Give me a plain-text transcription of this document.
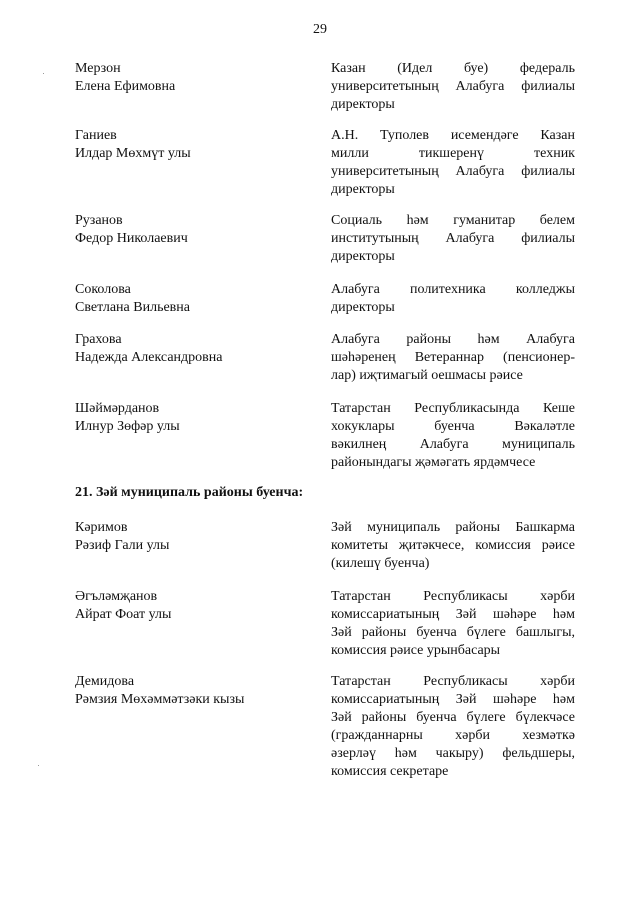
29
Мерзон
Елена Ефимовна
Казан (Идел буе) федераль
университетының Алабуга филиалы
директоры
Ганиев
Илдар Мөхмүт улы
А.Н. Туполев исемендәге Казан
милли тикшеренү техник
университетының Алабуга филиалы
директоры
Рузанов
Федор Николаевич
Социаль һәм гуманитар белем
институтының Алабуга филиалы
директоры
Соколова
Светлана Вильевна
Алабуга политехника колледжы
директоры
Грахова
Надежда Александровна
Алабуга районы һәм Алабуга
шәһәренең Ветераннар (пенсионер-
лар) иҗтимагый оешмасы рәисе
Шәймәрданов
Илнур Зөфәр улы
Татарстан Республикасында Кеше
хокуклары буенча Вәкаләтле
вәкилнең Алабуга муниципаль
районындагы җәмәгать ярдәмчесе
21. Зәй муниципаль районы буенча:
Кәримов
Рәзиф Гали улы
Зәй муниципаль районы Башкарма
комитеты җитәкчесе, комиссия рәисе
(килешү буенча)
Әгъләмҗанов
Айрат Фоат улы
Татарстан Республикасы хәрби
комиссариатының Зәй шәһәре һәм
Зәй районы буенча бүлеге башлыгы,
комиссия рәисе урынбасары
Демидова
Рәмзия Мөхәммәтзәки кызы
Татарстан Республикасы хәрби
комиссариатының Зәй шәһәре һәм
Зәй районы буенча бүлеге бүлекчәсе
(гражданнарны хәрби хезмәткә
әзерләү һәм чакыру) фельдшеры,
комиссия секретаре
